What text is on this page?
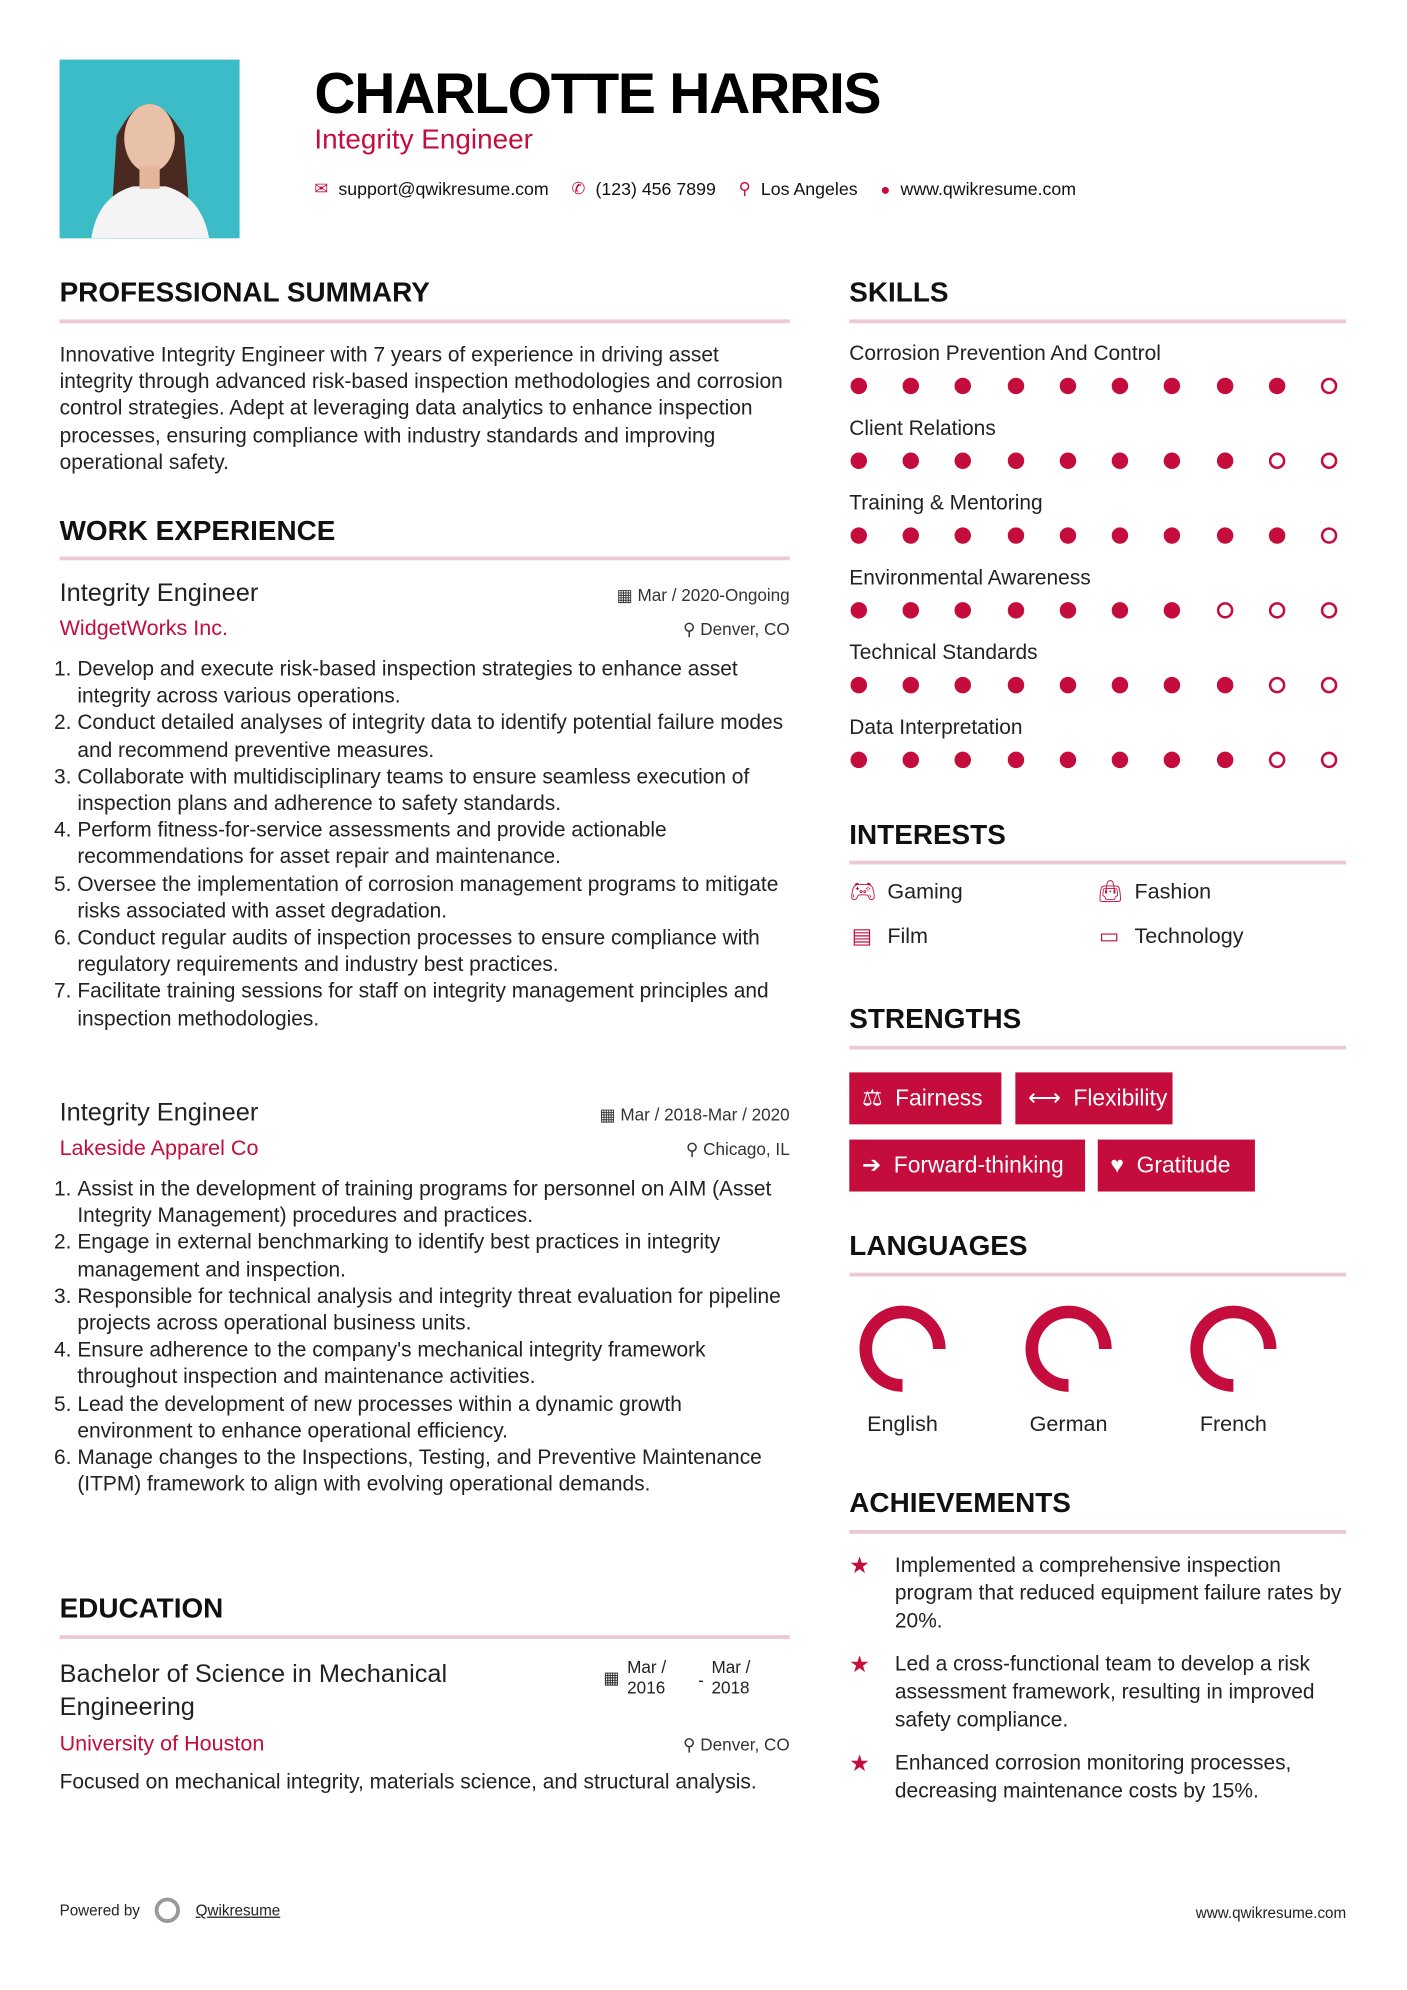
CHARLOTTE HARRIS
Integrity Engineer
✉ support@qwikresume.com ✆ (123) 456 7899 ⚲ Los Angeles ● www.qwikresume.com
PROFESSIONAL SUMMARY
Innovative Integrity Engineer with 7 years of experience in driving asset integrity through advanced risk-based inspection methodologies and corrosion control strategies. Adept at leveraging data analytics to enhance inspection processes, ensuring compliance with industry standards and improving operational safety.
WORK EXPERIENCE
Integrity Engineer	▦ Mar / 2020-Ongoing
WidgetWorks Inc.	⚲ Denver, CO
1. Develop and execute risk-based inspection strategies to enhance asset integrity across various operations.
2. Conduct detailed analyses of integrity data to identify potential failure modes and recommend preventive measures.
3. Collaborate with multidisciplinary teams to ensure seamless execution of inspection plans and adherence to safety standards.
4. Perform fitness-for-service assessments and provide actionable recommendations for asset repair and maintenance.
5. Oversee the implementation of corrosion management programs to mitigate risks associated with asset degradation.
6. Conduct regular audits of inspection processes to ensure compliance with regulatory requirements and industry best practices.
7. Facilitate training sessions for staff on integrity management principles and inspection methodologies.
Integrity Engineer	▦ Mar / 2018-Mar / 2020
Lakeside Apparel Co	⚲ Chicago, IL
1. Assist in the development of training programs for personnel on AIM (Asset Integrity Management) procedures and practices.
2. Engage in external benchmarking to identify best practices in integrity management and inspection.
3. Responsible for technical analysis and integrity threat evaluation for pipeline projects across operational business units.
4. Ensure adherence to the company's mechanical integrity framework throughout inspection and maintenance activities.
5. Lead the development of new processes within a dynamic growth environment to enhance operational efficiency.
6. Manage changes to the Inspections, Testing, and Preventive Maintenance (ITPM) framework to align with evolving operational demands.
EDUCATION
Bachelor of Science in Mechanical Engineering
▦
Mar / 2016	-
Mar / 2018
University of Houston	⚲ Denver, CO
Focused on mechanical integrity, materials science, and structural analysis.
SKILLS
Corrosion Prevention And Control
Client Relations
Training & Mentoring
Environmental Awareness
Technical Standards
Data Interpretation
INTERESTS
🎮︎ Gaming	👜︎ Fashion
▤ Film	▭ Technology
STRENGTHS
⚖ Fairness	⟷ Flexibility
➔ Forward-thinking	♥ Gratitude
LANGUAGES
English	German	French
ACHIEVEMENTS
★	Implemented a comprehensive inspection program that reduced equipment failure rates by 20%.
★	Led a cross-functional team to develop a risk assessment framework, resulting in improved safety compliance.
★	Enhanced corrosion monitoring processes, decreasing maintenance costs by 15%.
Powered by	Qwikresume	www.qwikresume.com
